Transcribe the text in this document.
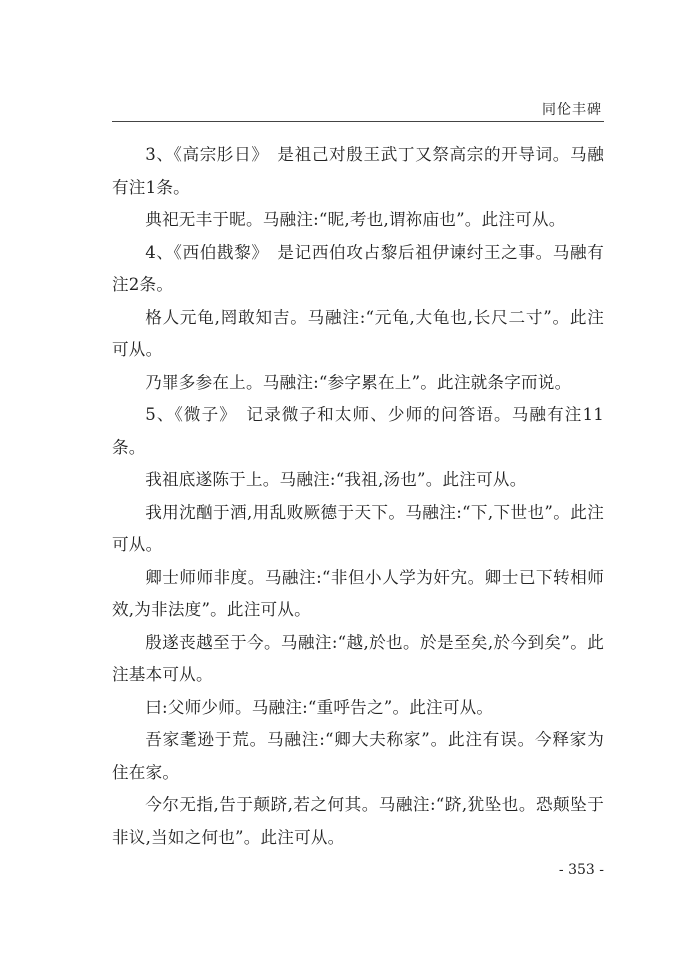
同伦丰碑

3、《高宗肜日》　是祖己对殷王武丁又祭高宗的开导词。马融有注1条。

典祀无丰于昵。马融注:“昵,考也,谓祢庙也”。此注可从。

4、《西伯戡黎》　是记西伯攻占黎后祖伊谏纣王之事。马融有注2条。

格人元龟,罔敢知吉。马融注:“元龟,大龟也,长尺二寸”。此注可从。

乃罪多参在上。马融注:“参字累在上”。此注就条字而说。

5、《微子》　记录微子和太师、少师的问答语。马融有注11条。

我祖底遂陈于上。马融注:“我祖,汤也”。此注可从。

我用沈酗于酒,用乱败厥德于天下。马融注:“下,下世也”。此注可从。

卿士师师非度。马融注:“非但小人学为奸宄。卿士已下转相师效,为非法度”。此注可从。

殷遂丧越至于今。马融注:“越,於也。於是至矣,於今到矣”。此注基本可从。

曰:父师少师。马融注:“重呼告之”。此注可从。

吾家耄逊于荒。马融注:“卿大夫称家”。此注有误。今释家为住在家。

今尔无指,告于颠跻,若之何其。马融注:“跻,犹坠也。恐颠坠于非议,当如之何也”。此注可从。

- 353 -
